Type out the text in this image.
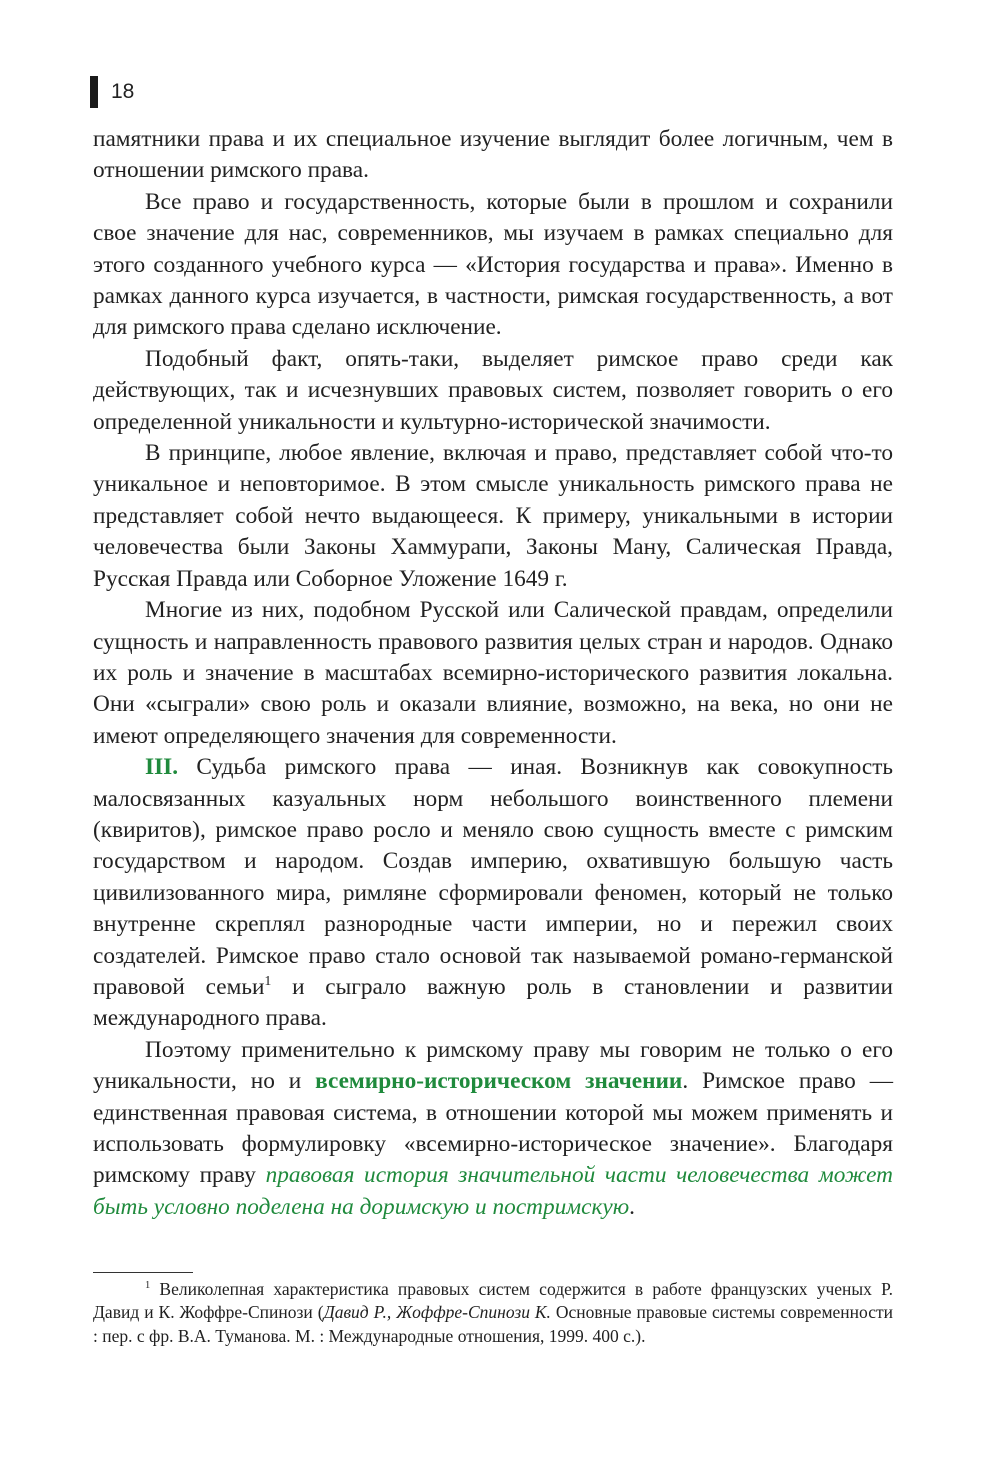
18

памятники права и их специальное изучение выглядит более логичным, чем в отношении римского права.

Все право и государственность, которые были в прошлом и сохранили свое значение для нас, современников, мы изучаем в рамках специально для этого созданного учебного курса — «История государства и права». Именно в рамках данного курса изучается, в частности, римская государственность, а вот для римского права сделано исключение.

Подобный факт, опять-таки, выделяет римское право среди как действующих, так и исчезнувших правовых систем, позволяет говорить о его определенной уникальности и культурно-исторической значимости.

В принципе, любое явление, включая и право, представляет собой что-то уникальное и неповторимое. В этом смысле уникальность римского права не представляет собой нечто выдающееся. К примеру, уникальными в истории человечества были Законы Хаммурапи, Законы Ману, Салическая Правда, Русская Правда или Соборное Уложение 1649 г.

Многие из них, подобном Русской или Салической правдам, определили сущность и направленность правового развития целых стран и народов. Однако их роль и значение в масштабах всемирно-исторического развития локальна. Они «сыграли» свою роль и оказали влияние, возможно, на века, но они не имеют определяющего значения для современности.

III. Судьба римского права — иная. Возникнув как совокупность малосвязанных казуальных норм небольшого воинственного племени (квиритов), римское право росло и меняло свою сущность вместе с римским государством и народом. Создав империю, охватившую большую часть цивилизованного мира, римляне сформировали феномен, который не только внутренне скреплял разнородные части империи, но и пережил своих создателей. Римское право стало основой так называемой романо-германской правовой семьи$^1$ и сыграло важную роль в становлении и развитии международного права.

Поэтому применительно к римскому праву мы говорим не только о его уникальности, но и всемирно-историческом значении. Римское право — единственная правовая система, в отношении которой мы можем применять и использовать формулировку «всемирно-историческое значение». Благодаря римскому праву правовая история значительной части человечества может быть условно поделена на доримскую и постримскую.

$^1$ Великолепная характеристика правовых систем содержится в работе французских ученых Р. Давид и К. Жоффре-Спинози (Давид Р., Жоффре-Спинози К. Основные правовые системы современности : пер. с фр. В.А. Туманова. М. : Международные отношения, 1999. 400 с.).
